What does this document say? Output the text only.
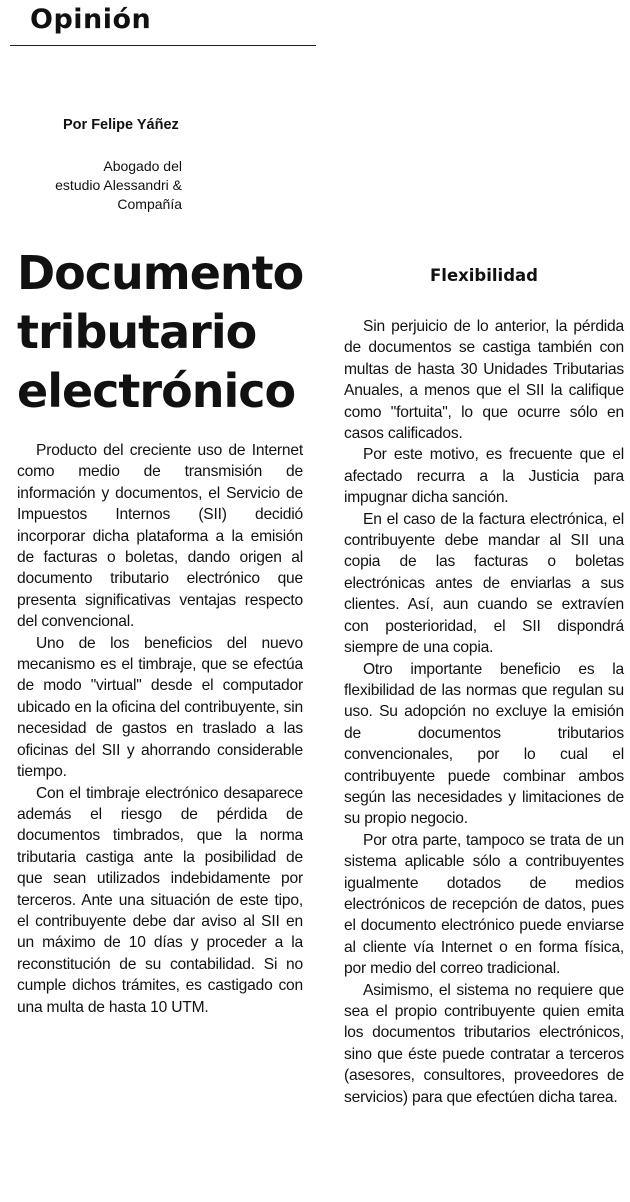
Opinión
Por Felipe Yáñez
Abogado del
estudio Alessandri &
Compañía
Documento
tributario
electrónico

Producto del creciente uso de Internet como medio de transmisión de información y documentos, el Servicio de Impuestos Internos (SII) decidió incorporar dicha plataforma a la emisión de facturas o boletas, dando origen al documento tributario electrónico que presenta significativas ventajas respecto del convencional.

Uno de los beneficios del nuevo mecanismo es el timbraje, que se efectúa de modo "virtual" desde el computador ubicado en la oficina del contribuyente, sin necesidad de gastos en traslado a las oficinas del SII y ahorrando considerable tiempo.

Con el timbraje electrónico desaparece además el riesgo de pérdida de documentos timbrados, que la norma tributaria castiga ante la posibilidad de que sean utilizados indebidamente por terceros. Ante una situación de este tipo, el contribuyente debe dar aviso al SII en un máximo de 10 días y proceder a la reconstitución de su contabilidad. Si no cumple dichos trámites, es castigado con una multa de hasta 10 UTM.

Flexibilidad

Sin perjuicio de lo anterior, la pérdida de documentos se castiga también con multas de hasta 30 Unidades Tributarias Anuales, a menos que el SII la califique como "fortuita", lo que ocurre sólo en casos calificados.

Por este motivo, es frecuente que el afectado recurra a la Justicia para impugnar dicha sanción.

En el caso de la factura electrónica, el contribuyente debe mandar al SII una copia de las facturas o boletas electrónicas antes de enviarlas a sus clientes. Así, aun cuando se extravíen con posterioridad, el SII dispondrá siempre de una copia.

Otro importante beneficio es la flexibilidad de las normas que regulan su uso. Su adopción no excluye la emisión de documentos tributarios convencionales, por lo cual el contribuyente puede combinar ambos según las necesidades y limitaciones de su propio negocio.

Por otra parte, tampoco se trata de un sistema aplicable sólo a contribuyentes igualmente dotados de medios electrónicos de recepción de datos, pues el documento electrónico puede enviarse al cliente vía Internet o en forma física, por medio del correo tradicional.

Asimismo, el sistema no requiere que sea el propio contribuyente quien emita los documentos tributarios electrónicos, sino que éste puede contratar a terceros (asesores, consultores, proveedores de servicios) para que efectúen dicha tarea.
